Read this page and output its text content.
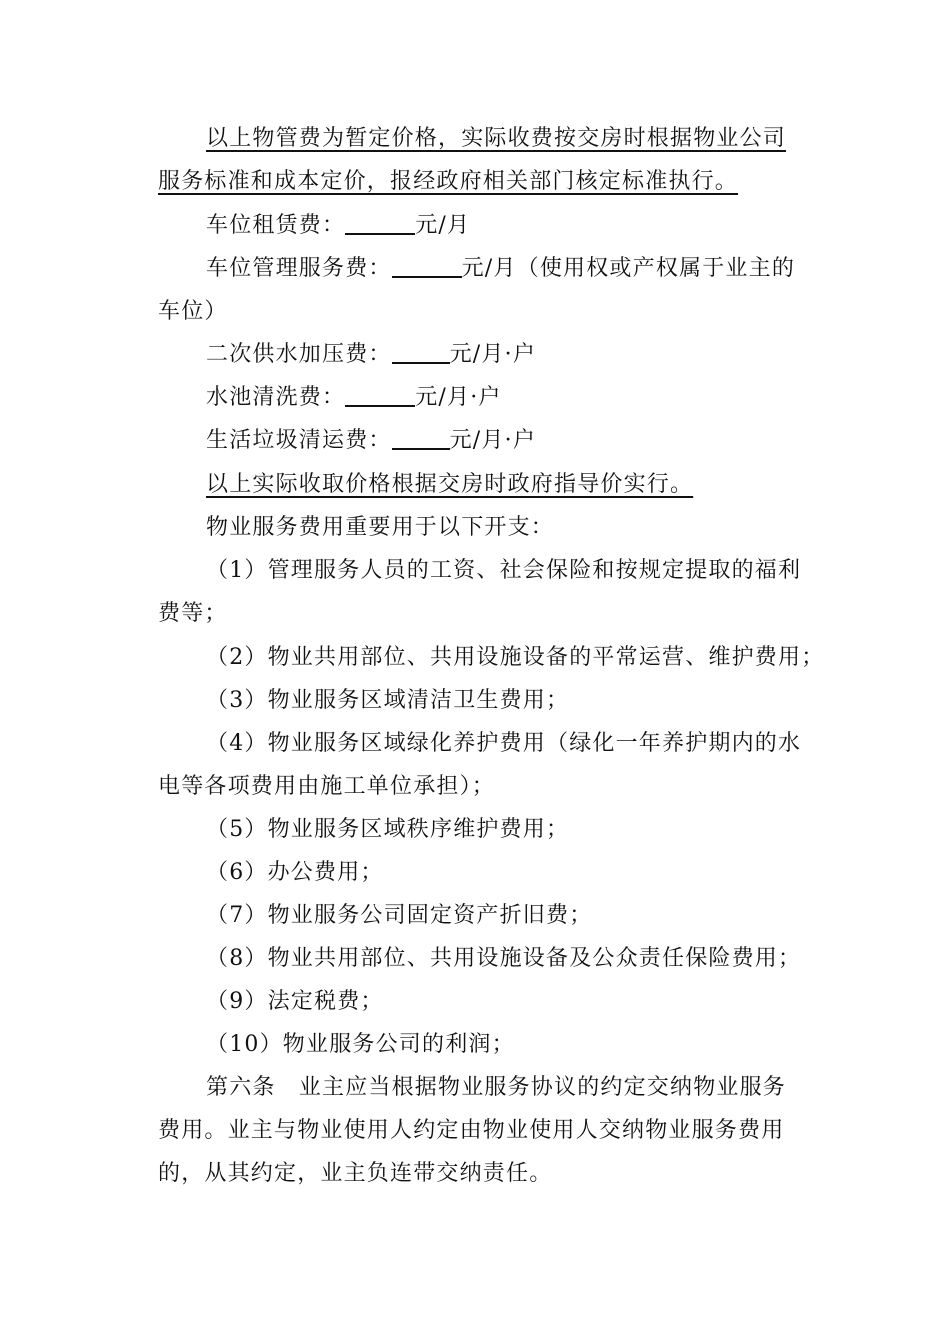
以上物管费为暂定价格，实际收费按交房时根据物业公司
服务标准和成本定价，报经政府相关部门核定标准执行。
车位租赁费：	元/月
车位管理服务费：	元/月（使用权或产权属于业主的
车位）
二次供水加压费：	元/月·户
水池清洗费：	元/月·户
生活垃圾清运费：	元/月·户
以上实际收取价格根据交房时政府指导价实行。
物业服务费用重要用于以下开支：
（1）管理服务人员的工资、社会保险和按规定提取的福利
费等；
（2）物业共用部位、共用设施设备的平常运营、维护费用；
（3）物业服务区域清洁卫生费用；
（4）物业服务区域绿化养护费用（绿化一年养护期内的水
电等各项费用由施工单位承担）；
（5）物业服务区域秩序维护费用；
（6）办公费用；
（7）物业服务公司固定资产折旧费；
（8）物业共用部位、共用设施设备及公众责任保险费用；
（9）法定税费；
（10）物业服务公司的利润；
第六条　业主应当根据物业服务协议的约定交纳物业服务
费用。业主与物业使用人约定由物业使用人交纳物业服务费用
的，从其约定，业主负连带交纳责任。
